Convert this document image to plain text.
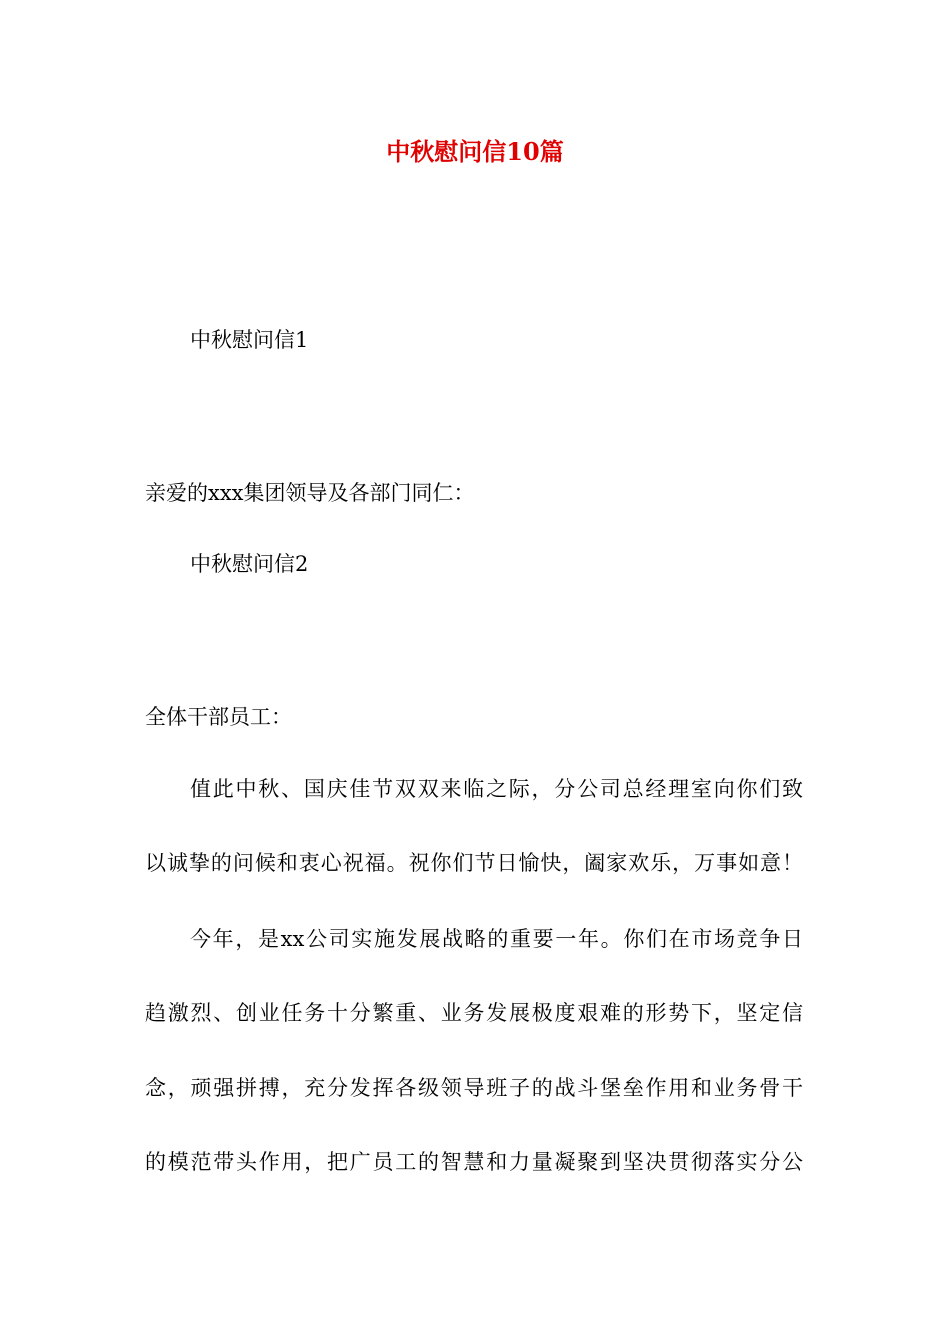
中秋慰问信10篇
中秋慰问信1
亲爱的xxx集团领导及各部门同仁：
中秋慰问信2
全体干部员工：
值此中秋、国庆佳节双双来临之际，分公司总经理室向你们致
以诚挚的问候和衷心祝福。祝你们节日愉快，阖家欢乐，万事如意！
今年，是xx公司实施发展战略的重要一年。你们在市场竞争日
趋激烈、创业任务十分繁重、业务发展极度艰难的形势下，坚定信
念，顽强拼搏，充分发挥各级领导班子的战斗堡垒作用和业务骨干
的模范带头作用，把广员工的智慧和力量凝聚到坚决贯彻落实分公
